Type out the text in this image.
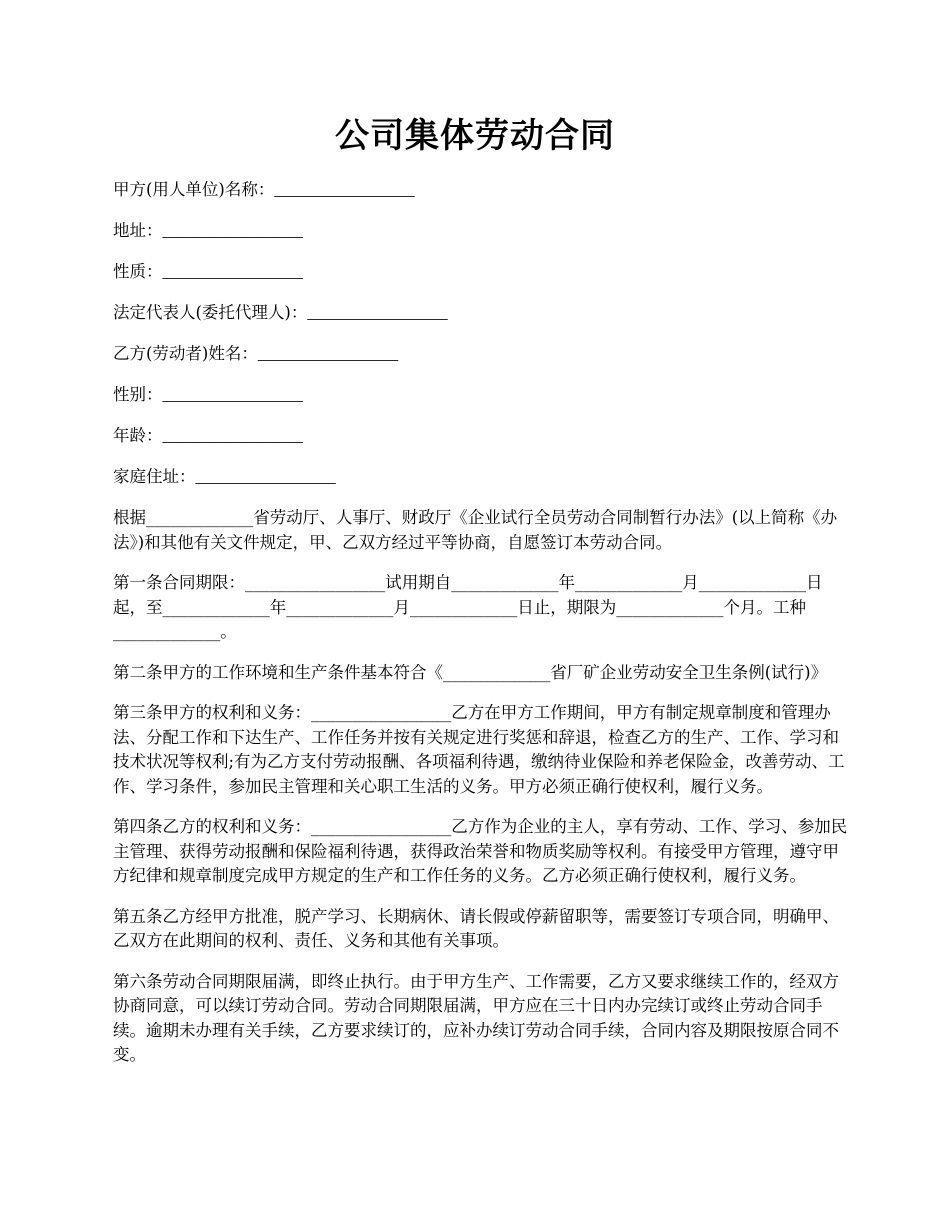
公司集体劳动合同

甲方(用人单位)名称：_________________

地址：_________________

性质：_________________

法定代表人(委托代理人)：_________________

乙方(劳动者)姓名：_________________

性别：_________________

年龄：_________________

家庭住址：_________________

根据_____________省劳动厅、人事厅、财政厅《企业试行全员劳动合同制暂行办法》(以上简称《办法》)和其他有关文件规定，甲、乙双方经过平等协商，自愿签订本劳动合同。

第一条合同期限：_________________试用期自_____________年_____________月_____________日起，至_____________年_____________月_____________日止，期限为_____________个月。工种_____________。

第二条甲方的工作环境和生产条件基本符合《_____________省厂矿企业劳动安全卫生条例(试行)》

第三条甲方的权利和义务：_________________乙方在甲方工作期间，甲方有制定规章制度和管理办法、分配工作和下达生产、工作任务并按有关规定进行奖惩和辞退，检查乙方的生产、工作、学习和技术状况等权利;有为乙方支付劳动报酬、各项福利待遇，缴纳待业保险和养老保险金，改善劳动、工作、学习条件，参加民主管理和关心职工生活的义务。甲方必须正确行使权利，履行义务。

第四条乙方的权利和义务：_________________乙方作为企业的主人，享有劳动、工作、学习、参加民主管理、获得劳动报酬和保险福利待遇，获得政治荣誉和物质奖励等权利。有接受甲方管理，遵守甲方纪律和规章制度完成甲方规定的生产和工作任务的义务。乙方必须正确行使权利，履行义务。

第五条乙方经甲方批准，脱产学习、长期病休、请长假或停薪留职等，需要签订专项合同，明确甲、乙双方在此期间的权利、责任、义务和其他有关事项。

第六条劳动合同期限届满，即终止执行。由于甲方生产、工作需要，乙方又要求继续工作的，经双方协商同意，可以续订劳动合同。劳动合同期限届满，甲方应在三十日内办完续订或终止劳动合同手续。逾期未办理有关手续，乙方要求续订的，应补办续订劳动合同手续，合同内容及期限按原合同不变。
